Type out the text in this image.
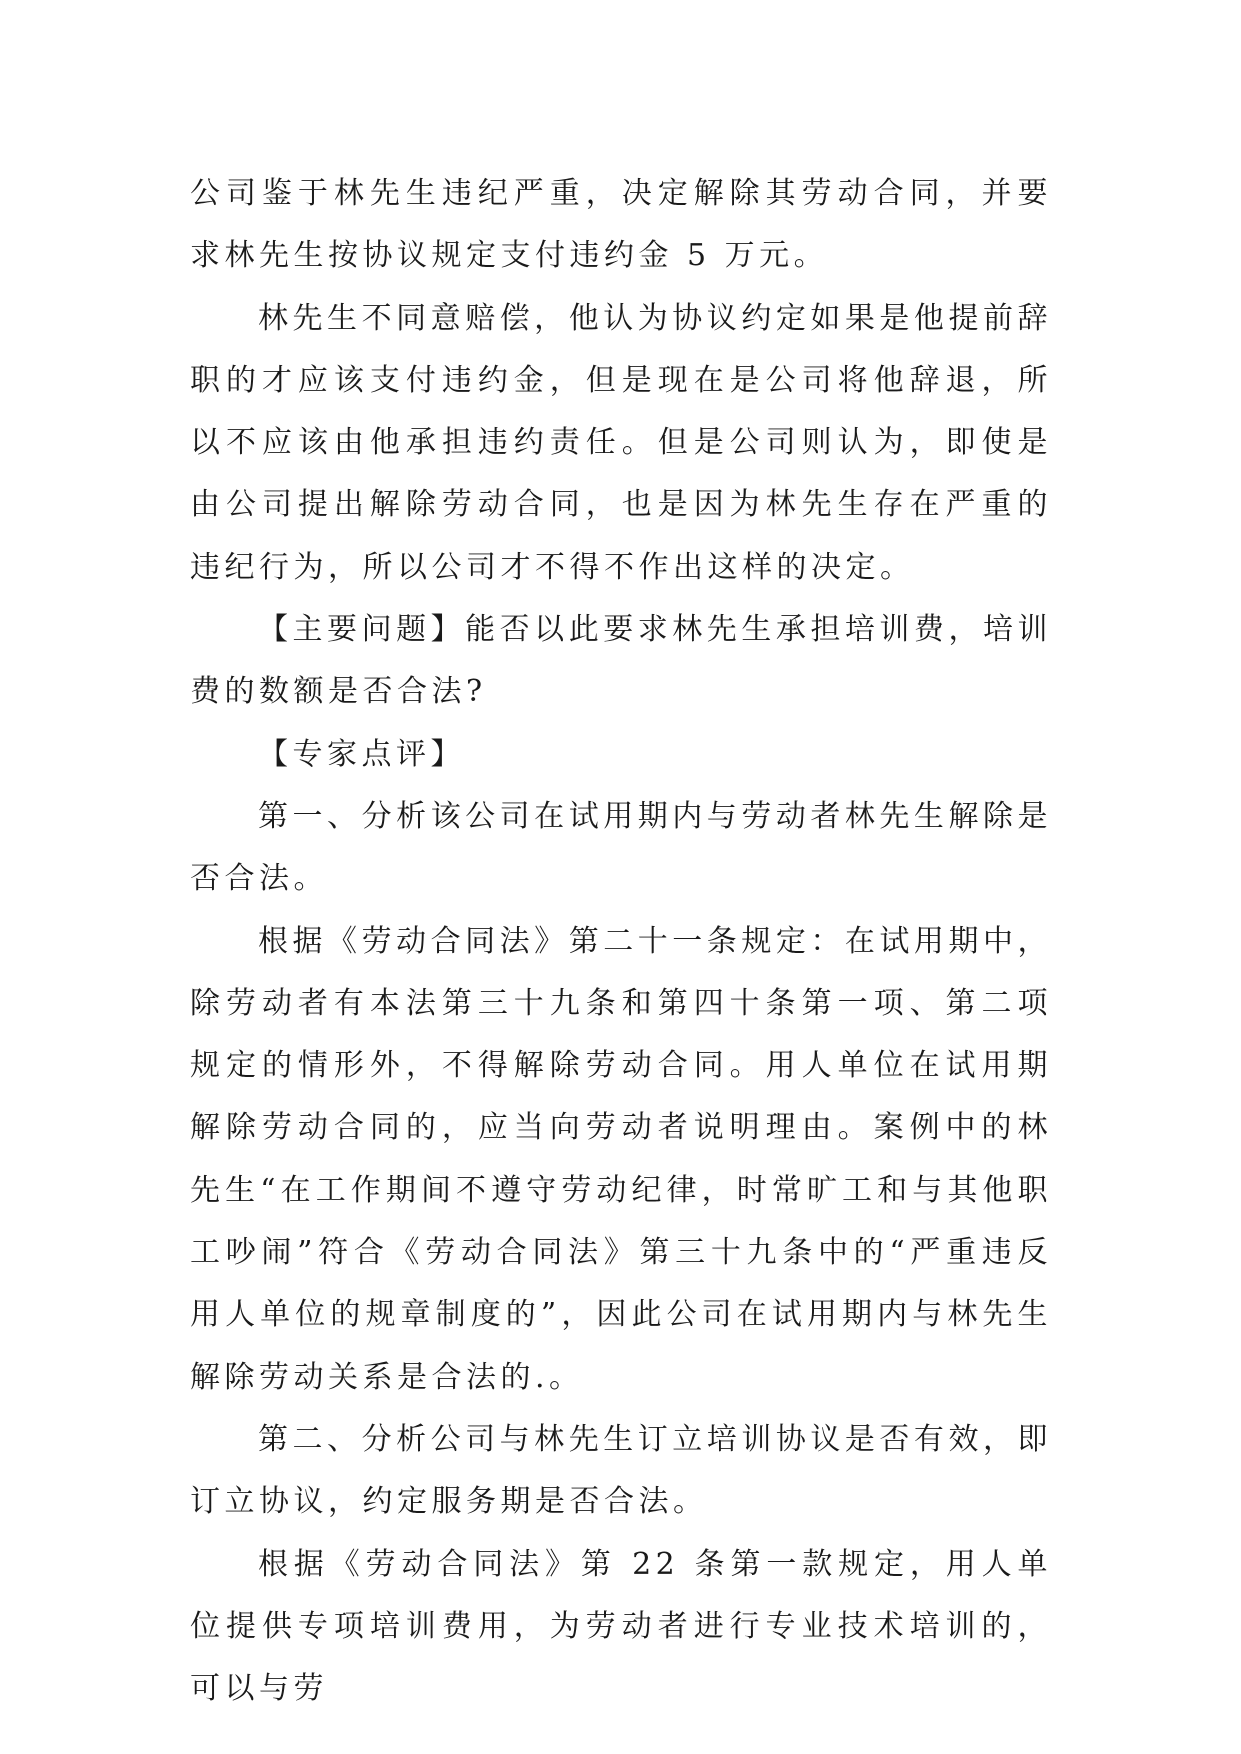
公司鉴于林先生违纪严重，决定解除其劳动合同，并要求林先生按协议规定支付违约金 5 万元。

林先生不同意赔偿，他认为协议约定如果是他提前辞职的才应该支付违约金，但是现在是公司将他辞退，所以不应该由他承担违约责任。但是公司则认为，即使是由公司提出解除劳动合同，也是因为林先生存在严重的违纪行为，所以公司才不得不作出这样的决定。

【主要问题】能否以此要求林先生承担培训费，培训费的数额是否合法?

【专家点评】

第一、分析该公司在试用期内与劳动者林先生解除是否合法。

根据《劳动合同法》第二十一条规定：在试用期中，除劳动者有本法第三十九条和第四十条第一项、第二项规定的情形外，不得解除劳动合同。用人单位在试用期解除劳动合同的，应当向劳动者说明理由。案例中的林先生“在工作期间不遵守劳动纪律，时常旷工和与其他职工吵闹”符合《劳动合同法》第三十九条中的“严重违反用人单位的规章制度的”，因此公司在试用期内与林先生解除劳动关系是合法的.。

第二、分析公司与林先生订立培训协议是否有效，即订立协议，约定服务期是否合法。

根据《劳动合同法》第 22 条第一款规定，用人单位提供专项培训费用，为劳动者进行专业技术培训的，可以与劳
